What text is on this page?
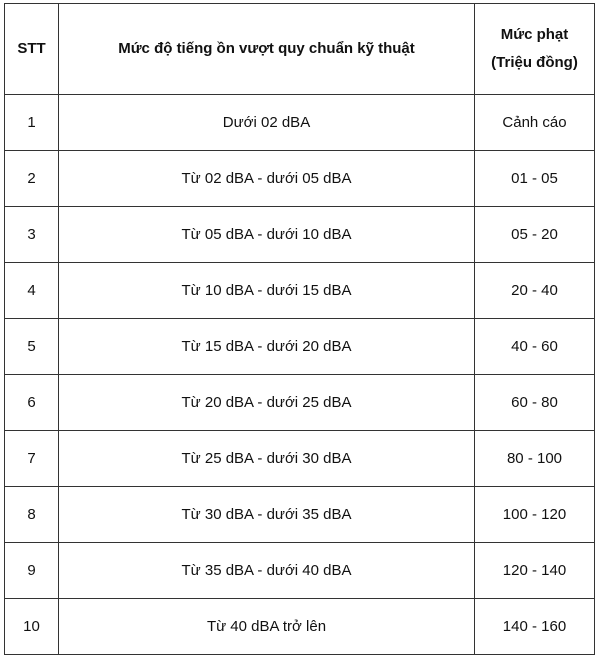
STT	Mức độ tiếng ồn vượt quy chuẩn kỹ thuật	Mức phạt
(Triệu đồng)

1	Dưới 02 dBA	Cảnh cáo
2	Từ 02 dBA - dưới 05 dBA	01 - 05
3	Từ 05 dBA - dưới 10 dBA	05 - 20
4	Từ 10 dBA - dưới 15 dBA	20 - 40
5	Từ 15 dBA - dưới 20 dBA	40 - 60
6	Từ 20 dBA - dưới 25 dBA	60 - 80
7	Từ 25 dBA - dưới 30 dBA	80 - 100
8	Từ 30 dBA - dưới 35 dBA	100 - 120
9	Từ 35 dBA - dưới 40 dBA	120 - 140
10	Từ 40 dBA trở lên	140 - 160
